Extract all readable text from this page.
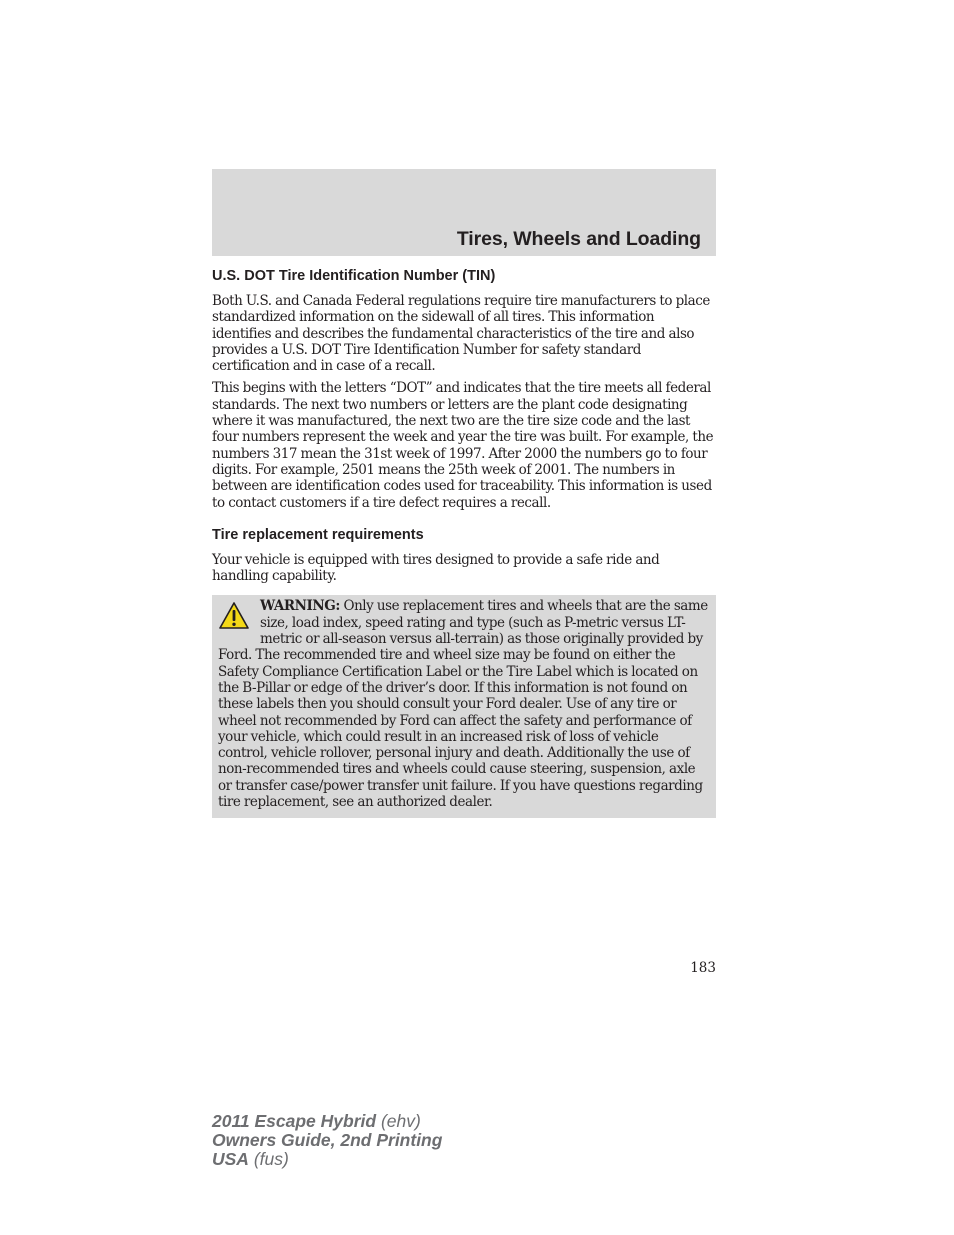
Tires, Wheels and Loading
U.S. DOT Tire Identification Number (TIN)

Both U.S. and Canada Federal regulations require tire manufacturers to place standardized information on the sidewall of all tires. This information identifies and describes the fundamental characteristics of the tire and also provides a U.S. DOT Tire Identification Number for safety standard certification and in case of a recall.

This begins with the letters “DOT” and indicates that the tire meets all federal standards. The next two numbers or letters are the plant code designating where it was manufactured, the next two are the tire size code and the last four numbers represent the week and year the tire was built. For example, the numbers 317 mean the 31st week of 1997. After 2000 the numbers go to four digits. For example, 2501 means the 25th week of 2001. The numbers in between are identification codes used for traceability. This information is used to contact customers if a tire defect requires a recall.

Tire replacement requirements

Your vehicle is equipped with tires designed to provide a safe ride and handling capability.

WARNING: Only use replacement tires and wheels that are the same size, load index, speed rating and type (such as P-metric versus LT-metric or all-season versus all-terrain) as those originally provided by Ford. The recommended tire and wheel size may be found on either the Safety Compliance Certification Label or the Tire Label which is located on the B-Pillar or edge of the driver’s door. If this information is not found on these labels then you should consult your Ford dealer. Use of any tire or wheel not recommended by Ford can affect the safety and performance of your vehicle, which could result in an increased risk of loss of vehicle control, vehicle rollover, personal injury and death. Additionally the use of non-recommended tires and wheels could cause steering, suspension, axle or transfer case/power transfer unit failure. If you have questions regarding tire replacement, see an authorized dealer.

183
2011 Escape Hybrid (ehv)
Owners Guide, 2nd Printing
USA (fus)
